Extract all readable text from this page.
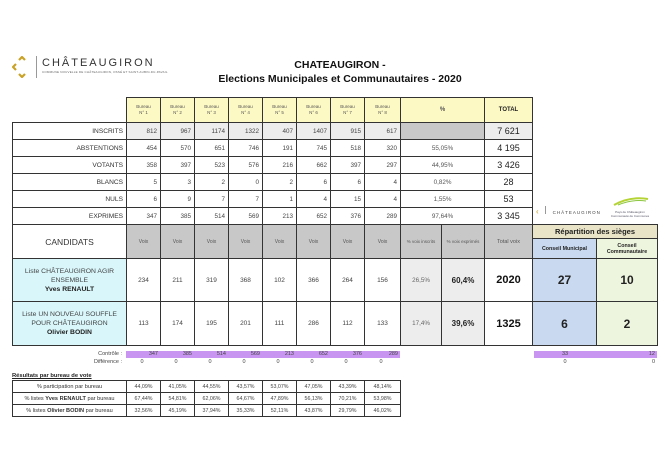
CHÂTEAUGIRON
COMMUNE NOUVELLE DE CHÂTEAUGIRON, OSSÉ ET SAINT-AUBIN-DU-PAVAIL
CHATEAUGIRON -
Elections Municipales et Communautaires - 2020
	Bureau
N° 1	Bureau
N° 2	Bureau
N° 3	Bureau
N° 4	Bureau
N° 5	Bureau
N° 6	Bureau
N° 7	Bureau
N° 8	%		TOTAL		
INSCRITS	812	967	1174	1322	407	1407	915	617			7 621		
ABSTENTIONS	454	570	651	746	191	745	518	320	55,05%		4 195		
VOTANTS	358	397	523	576	216	662	397	297	44,95%		3 426		
BLANCS	5	3	2	0	2	6	6	4	0,82%		28		
NULS	6	9	7	7	1	4	15	4	1,55%		53		
EXPRIMES	347	385	514	569	213	652	376	289	97,64%		3 345		
CANDIDATS	Voix	Voix	Voix	Voix	Voix	Voix	Voix	Voix	% voix inscrits	% voix exprimés	Total voix	Répartition des sièges	
												Conseil Municipal	Conseil Communautaire
Liste CHÂTEAUGIRON AGIR
ENSEMBLE
Yves RENAULT	234	211	319	368	102	366	264	156	26,5%	60,4%	2020	27	10
Liste UN NOUVEAU SOUFFLE
POUR CHÂTEAUGIRON
Olivier BODIN	113	174	195	201	111	286	112	133	17,4%	39,6%	1325	6	2
‹	CHÂTEAUGIRON	Pays de Châteaugiron Communauté de Communes
Contrôle :	347	385	514	569	213	652	376	289	33	12
Différence :	0	0	0	0	0	0	0	0	0	0
Résultats par bureau de vote
% participation par bureau	44,09%	41,05%	44,55%	43,57%	53,07%	47,05%	43,39%	48,14%
% listes Yves RENAULT par bureau	67,44%	54,81%	62,06%	64,67%	47,89%	56,13%	70,21%	53,98%
% listes Olivier BODIN par bureau	32,56%	45,19%	37,94%	35,33%	52,11%	43,87%	29,79%	46,02%
